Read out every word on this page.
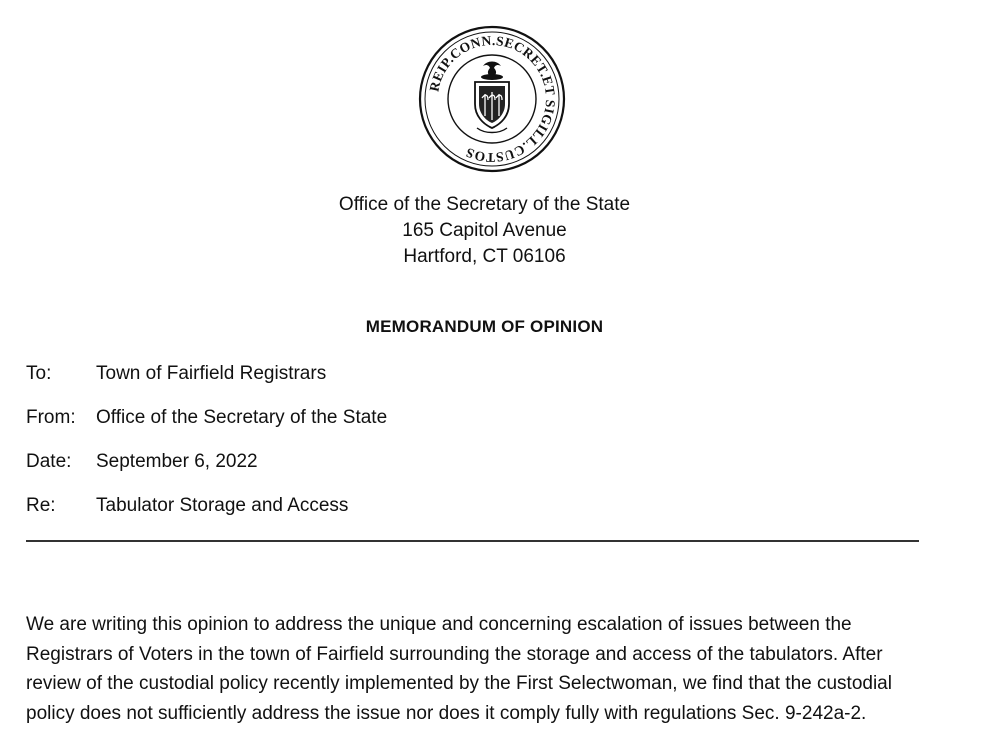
REIP.CONN.SECRET.ET SIGILL.CUSTOS
Office of the Secretary of the State
165 Capitol Avenue
Hartford, CT 06106
MEMORANDUM OF OPINION
To: Town of Fairfield Registrars
From: Office of the Secretary of the State
Date: September 6, 2022
Re: Tabulator Storage and Access
We are writing this opinion to address the unique and concerning escalation of issues between the
Registrars of Voters in the town of Fairfield surrounding the storage and access of the tabulators. After
review of the custodial policy recently implemented by the First Selectwoman, we find that the custodial
policy does not sufficiently address the issue nor does it comply fully with regulations Sec. 9-242a-2.
